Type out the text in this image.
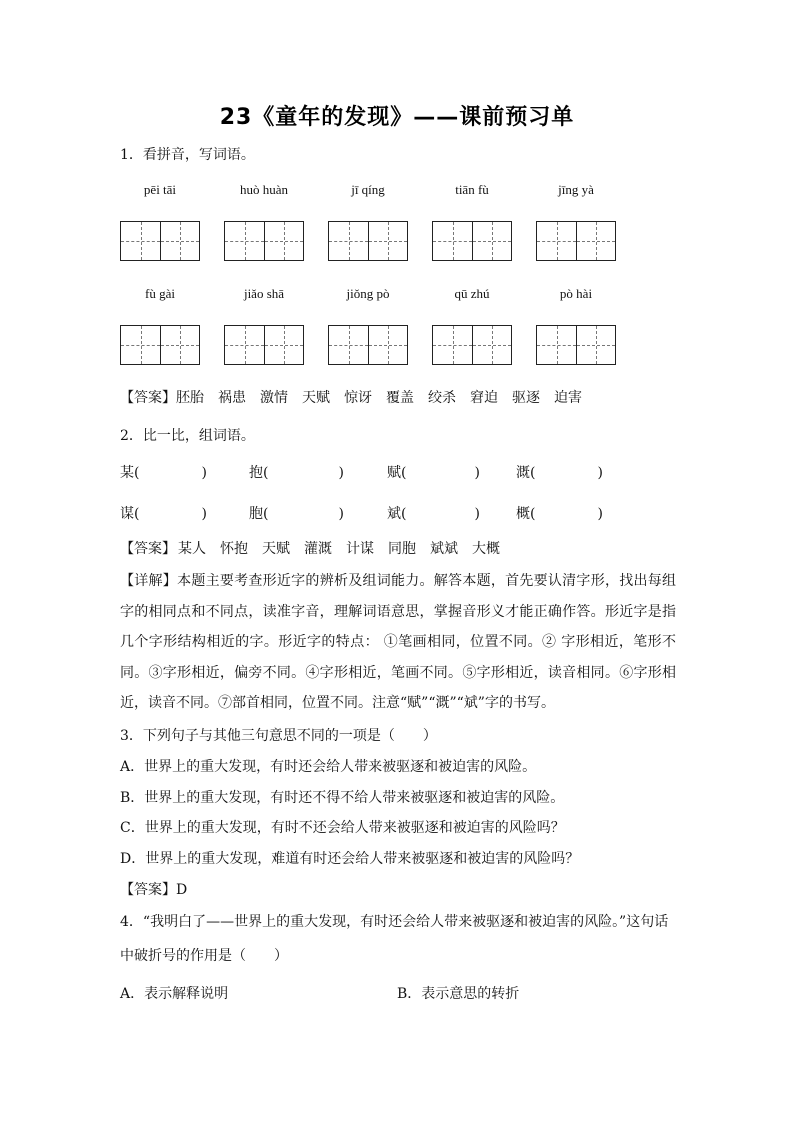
23《童年的发现》——课前预习单
1．看拼音，写词语。
pēi tāi	huò huàn	jī qíng	tiān fù	jīng yà
fù gài	jiǎo shā	jiǒng pò	qū zhú	pò hài
【答案】胚胎 祸患 激情 天赋 惊讶 覆盖 绞杀 窘迫 驱逐 迫害
2．比一比，组词语。
某(	)	抱(	)	赋(	)	溉(	)
谋(	)	胞(	)	斌(	)	概(	)
【答案】 某人 怀抱 天赋 灌溉 计谋 同胞 斌斌 大概
【详解】本题主要考查形近字的辨析及组词能力。解答本题，首先要认清字形，找出每组字的相同点和不同点，读准字音，理解词语意思，掌握音形义才能正确作答。形近字是指几个字形结构相近的字。形近字的特点： ①笔画相同，位置不同。② 字形相近，笔形不同。③字形相近，偏旁不同。④字形相近，笔画不同。⑤字形相近，读音相同。⑥字形相近，读音不同。⑦部首相同，位置不同。注意“赋”“溉”“斌”字的书写。
3．下列句子与其他三句意思不同的一项是（　　）
A．世界上的重大发现，有时还会给人带来被驱逐和被迫害的风险。
B．世界上的重大发现，有时还不得不给人带来被驱逐和被迫害的风险。
C．世界上的重大发现，有时不还会给人带来被驱逐和被迫害的风险吗？
D．世界上的重大发现，难道有时还会给人带来被驱逐和被迫害的风险吗？
【答案】D
4．“我明白了——世界上的重大发现，有时还会给人带来被驱逐和被迫害的风险。”这句话
中破折号的作用是（　　）
A．表示解释说明	B．表示意思的转折
